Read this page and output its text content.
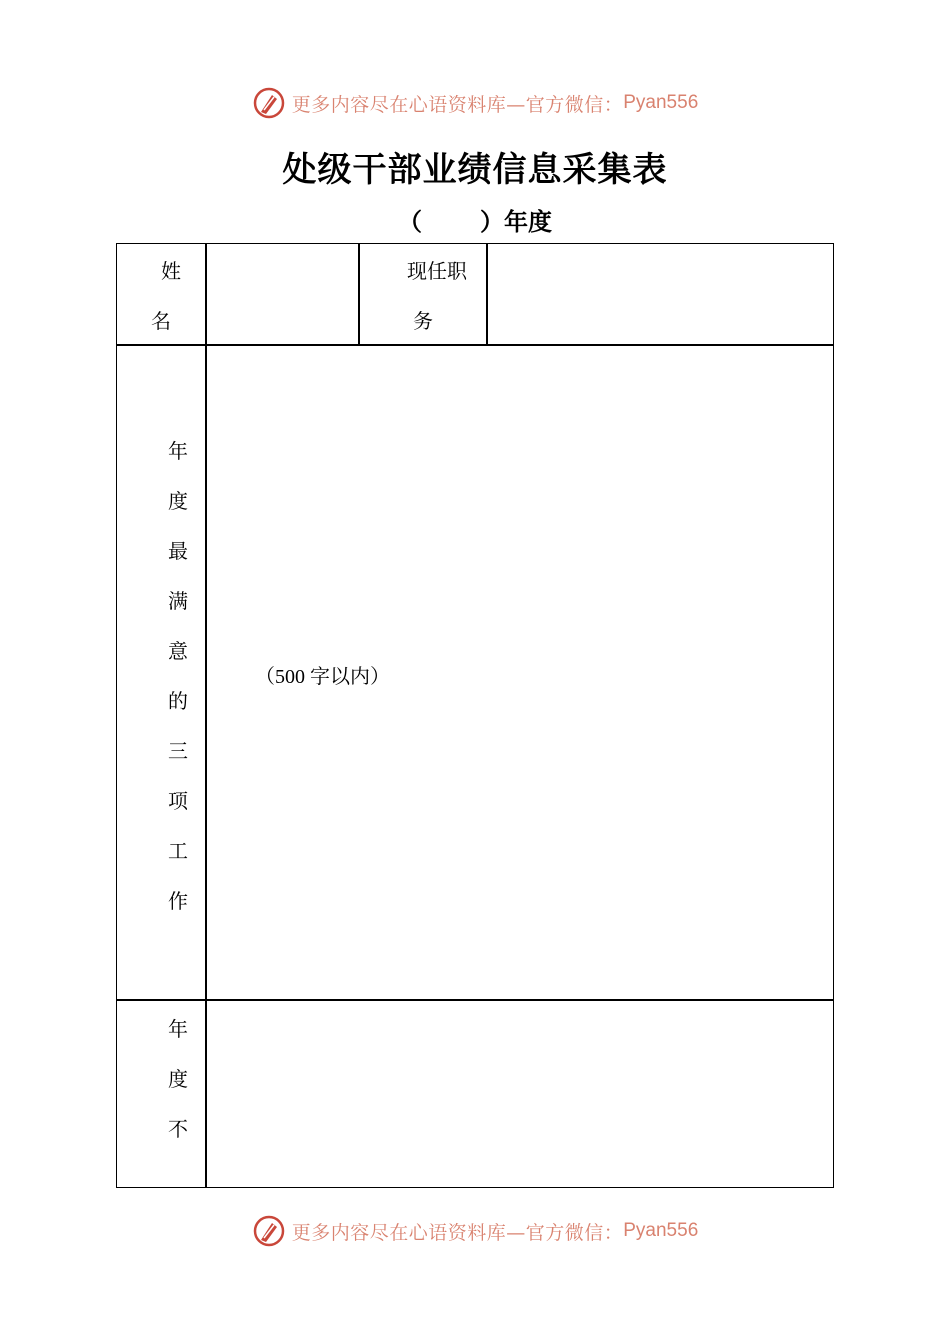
更多内容尽在心语资料库—官方微信： Pyan556
处级干部业绩信息采集表
（ ）年度
姓
名
现任职
务
年
度
最
满
意
的
三
项
工
作
年
度
不
（500 字以内）
更多内容尽在心语资料库—官方微信： Pyan556
